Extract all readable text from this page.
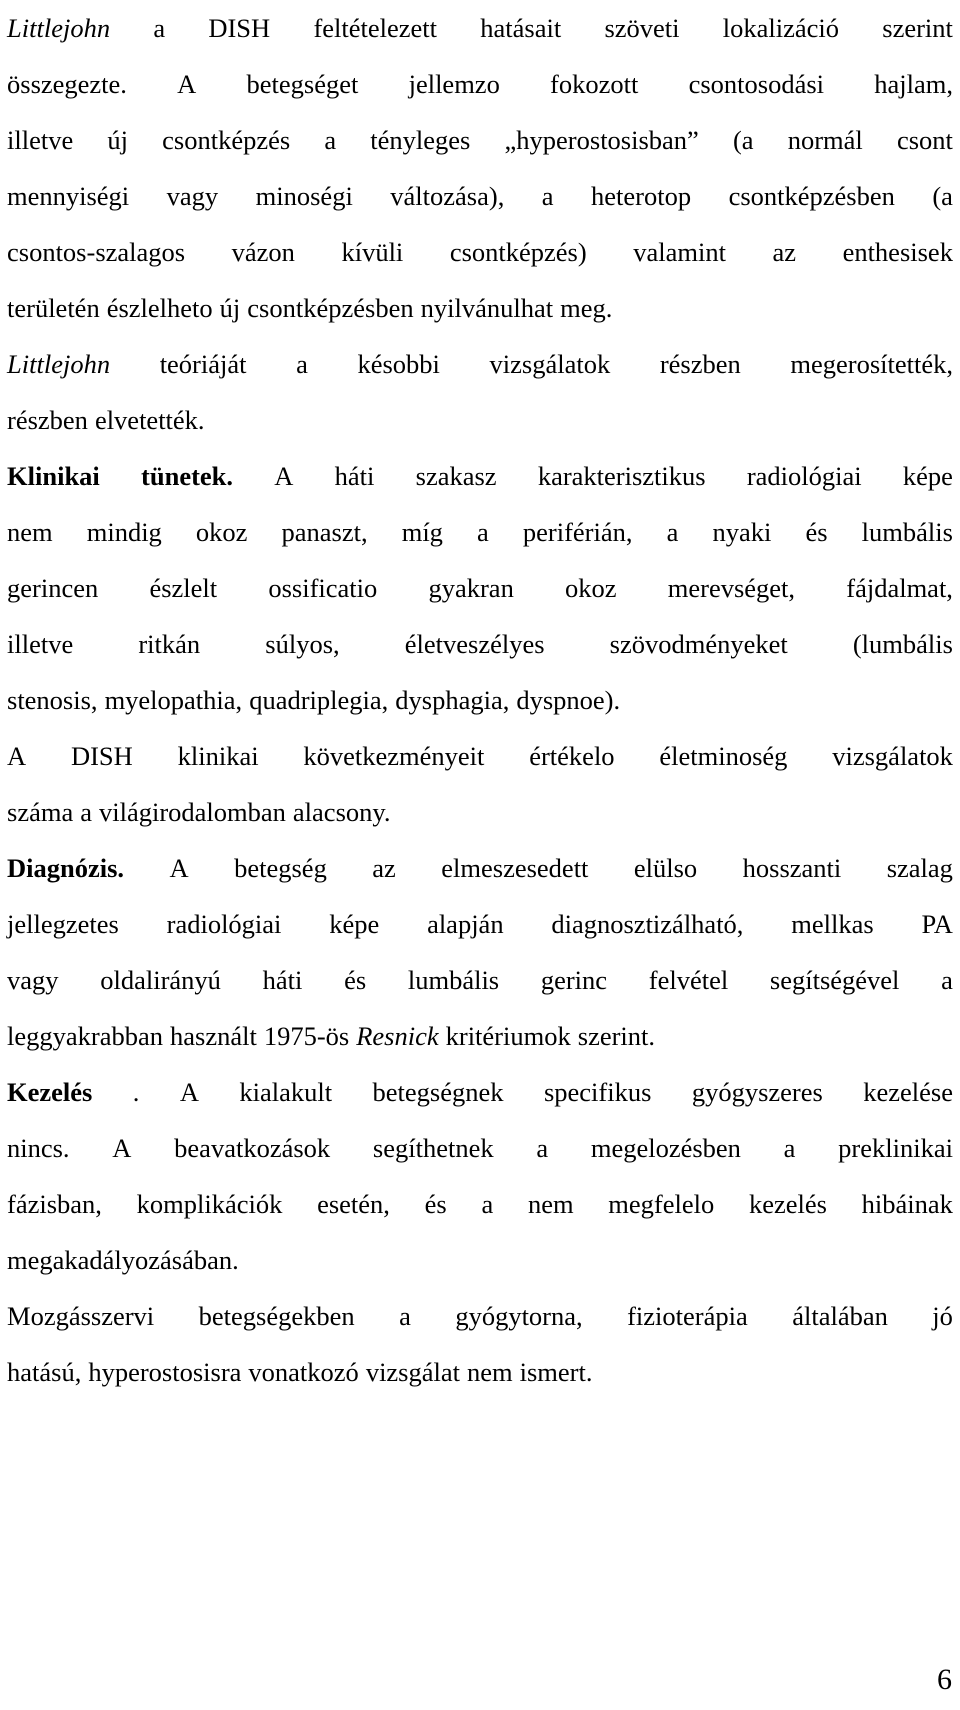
Littlejohn a DISH feltételezett hatásait szöveti lokalizáció szerint
összegezte. A betegséget jellemzo fokozott csontosodási hajlam,
illetve új csontképzés a tényleges „hyperostosisban” (a normál csont
mennyiségi vagy minoségi változása), a heterotop csontképzésben (a
csontos-szalagos vázon kívüli csontképzés) valamint az enthesisek
területén észlelheto új csontképzésben nyilvánulhat meg.
Littlejohn teóriáját a késobbi vizsgálatok részben megerosítették,
részben elvetették.
Klinikai tünetek. A háti szakasz karakterisztikus radiológiai képe
nem mindig okoz panaszt, míg a periférián, a nyaki és lumbális
gerincen észlelt ossificatio gyakran okoz merevséget, fájdalmat,
illetve ritkán súlyos, életveszélyes szövodményeket (lumbális
stenosis, myelopathia, quadriplegia, dysphagia, dyspnoe).
A DISH klinikai következményeit értékelo életminoség vizsgálatok
száma a világirodalomban alacsony.
Diagnózis. A betegség az elmeszesedett elülso hosszanti szalag
jellegzetes radiológiai képe alapján diagnosztizálható, mellkas PA
vagy oldalirányú háti és lumbális gerinc felvétel segítségével a
leggyakrabban használt 1975-ös Resnick kritériumok szerint.
Kezelés . A kialakult betegségnek specifikus gyógyszeres kezelése
nincs. A beavatkozások segíthetnek a megelozésben a preklinikai
fázisban, komplikációk esetén, és a nem megfelelo kezelés hibáinak
megakadályozásában.
Mozgásszervi betegségekben a gyógytorna, fizioterápia általában jó
hatású, hyperostosisra vonatkozó vizsgálat nem ismert.
6
